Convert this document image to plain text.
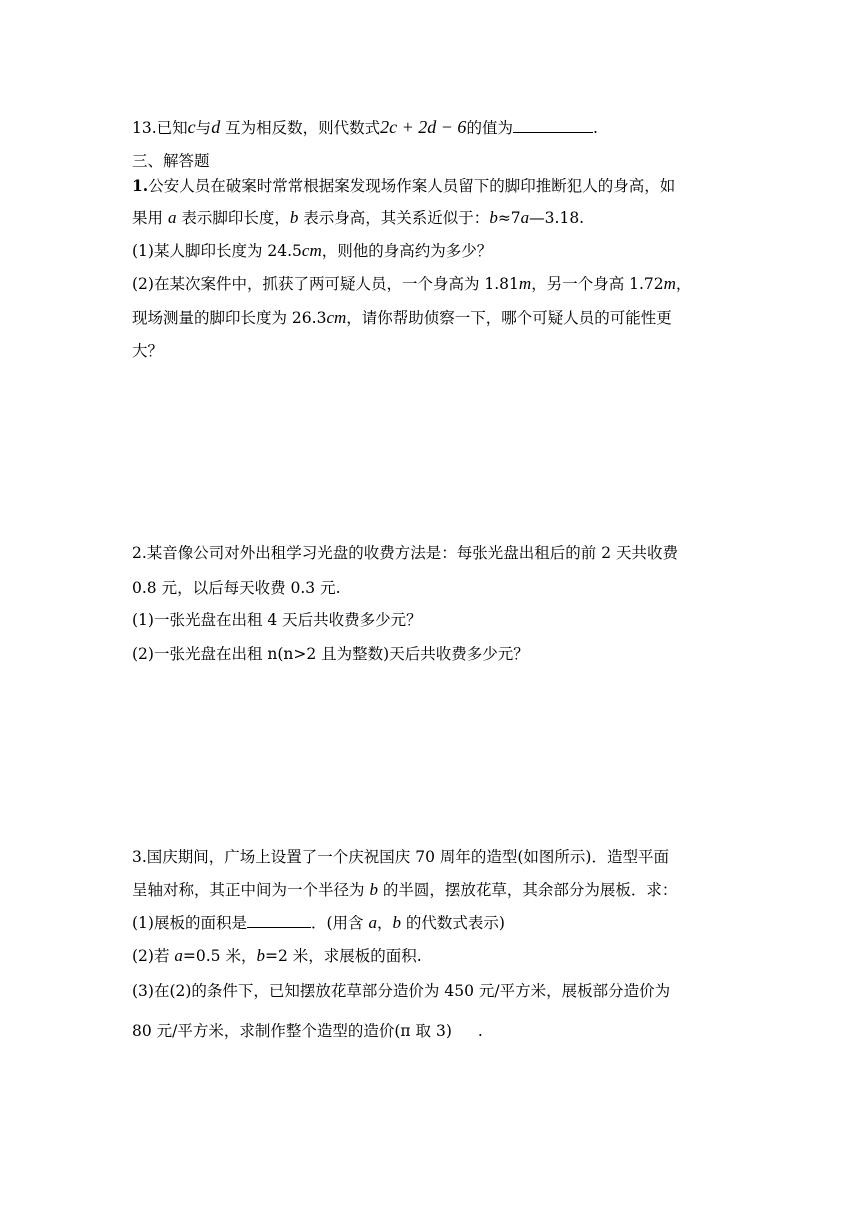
13.已知c与d 互为相反数，则代数式2c + 2d − 6的值为	.
三、解答题
1.公安人员在破案时常常根据案发现场作案人员留下的脚印推断犯人的身高，如
果用 a 表示脚印长度，b 表示身高，其关系近似于：b≈7a—3.18.
(1)某人脚印长度为 24.5cm，则他的身高约为多少？
(2)在某次案件中，抓获了两可疑人员，一个身高为 1.81m，另一个身高 1.72m，
现场测量的脚印长度为 26.3cm，请你帮助侦察一下，哪个可疑人员的可能性更
大？
2.某音像公司对外出租学习光盘的收费方法是：每张光盘出租后的前 2 天共收费
0.8 元，以后每天收费 0.3 元.
(1)一张光盘在出租 4 天后共收费多少元？
(2)一张光盘在出租 n(n>2 且为整数)天后共收费多少元？
3.国庆期间，广场上设置了一个庆祝国庆 70 周年的造型(如图所示)．造型平面
呈轴对称，其正中间为一个半径为 b 的半圆，摆放花草，其余部分为展板．求：
(1)展板的面积是	．(用含 a，b 的代数式表示)
(2)若 a=0.5 米，b=2 米，求展板的面积.
(3)在(2)的条件下，已知摆放花草部分造价为 450 元/平方米，展板部分造价为
80 元/平方米，求制作整个造型的造价(π 取 3) .
